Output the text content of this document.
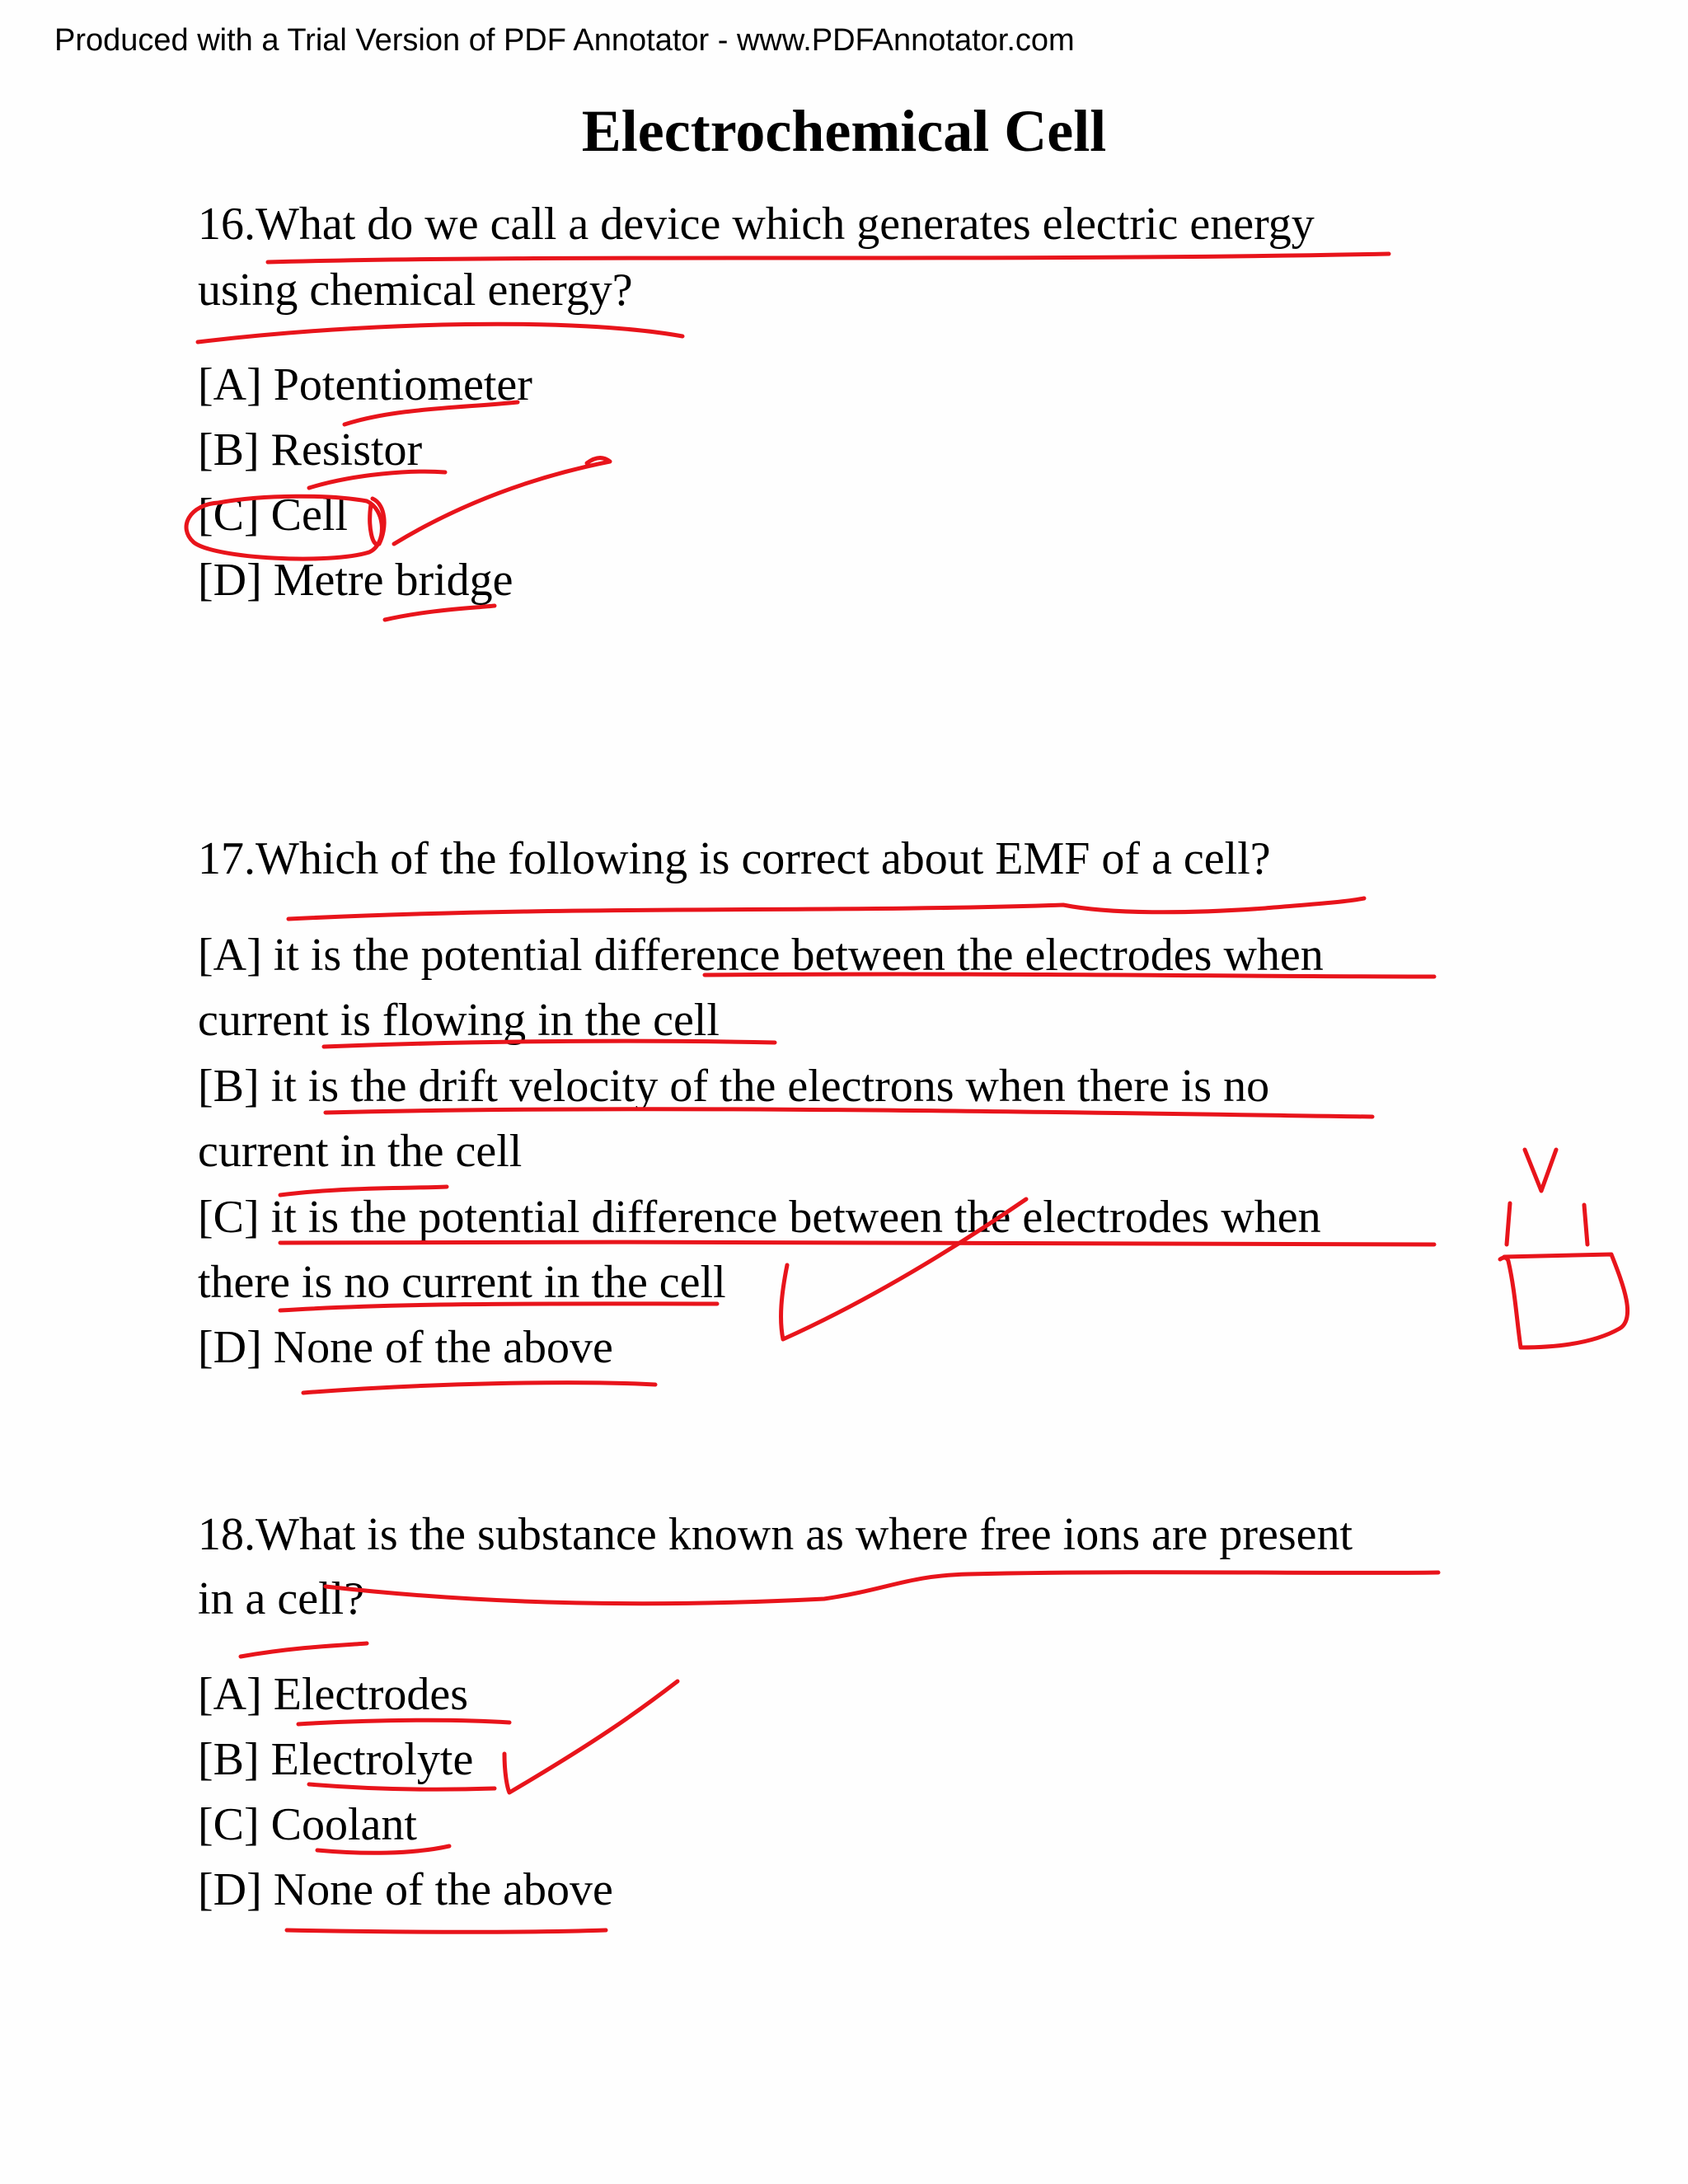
Produced with a Trial Version of PDF Annotator - www.PDFAnnotator.com
Electrochemical Cell
16.What do we call a device which generates electric energy
using chemical energy?
[A] Potentiometer
[B] Resistor
[C] Cell
[D] Metre bridge
17.Which of the following is correct about EMF of a cell?
[A] it is the potential difference between the electrodes when
current is flowing in the cell
[B] it is the drift velocity of the electrons when there is no
current in the cell
[C] it is the potential difference between the electrodes when
there is no current in the cell
[D] None of the above
18.What is the substance known as where free ions are present
in a cell?
[A] Electrodes
[B] Electrolyte
[C] Coolant
[D] None of the above
